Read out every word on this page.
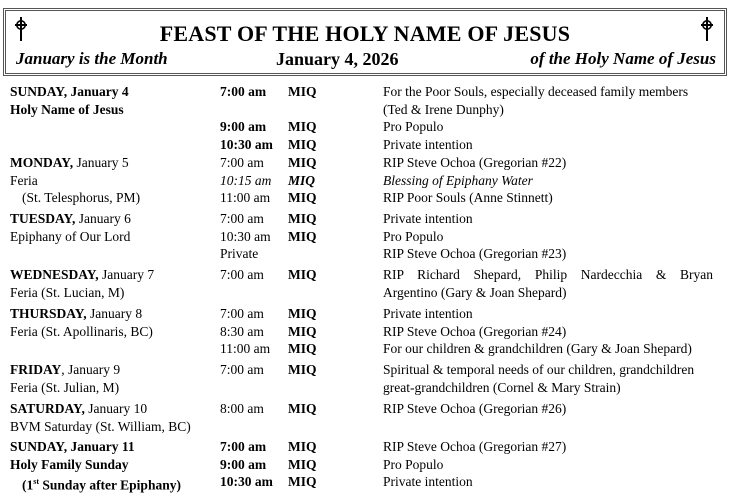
FEAST OF THE HOLY NAME OF JESUS
January is the Month	January 4, 2026	of the Holy Name of Jesus
SUNDAY, January 4
Holy Name of Jesus
7:00 am MIQ	For the Poor Souls, especially deceased family members
(Ted & Irene Dunphy)
9:00 am MIQ	Pro Populo
10:30 am MIQ	Private intention
MONDAY, January 5
Feria
(St. Telesphorus, PM)
7:00 am MIQ	RIP Steve Ochoa (Gregorian #22)
10:15 am MIQ	Blessing of Epiphany Water
11:00 am MIQ	RIP Poor Souls (Anne Stinnett)
TUESDAY, January 6
Epiphany of Our Lord
7:00 am MIQ	Private intention
10:30 am MIQ	Pro Populo
Private	RIP Steve Ochoa (Gregorian #23)
WEDNESDAY, January 7
Feria (St. Lucian, M)
7:00 am MIQ	RIP Richard Shepard, Philip Nardecchia & Bryan
Argentino (Gary & Joan Shepard)
THURSDAY, January 8
Feria (St. Apollinaris, BC)
7:00 am MIQ	Private intention
8:30 am MIQ	RIP Steve Ochoa (Gregorian #24)
11:00 am MIQ	For our children & grandchildren (Gary & Joan Shepard)
FRIDAY, January 9
Feria (St. Julian, M)
7:00 am MIQ	Spiritual & temporal needs of our children, grandchildren
great-grandchildren (Cornel & Mary Strain)
SATURDAY, January 10
BVM Saturday (St. William, BC)
8:00 am MIQ	RIP Steve Ochoa (Gregorian #26)
SUNDAY, January 11
Holy Family Sunday
(1st Sunday after Epiphany)
7:00 am MIQ	RIP Steve Ochoa (Gregorian #27)
9:00 am MIQ	Pro Populo
10:30 am MIQ	Private intention
